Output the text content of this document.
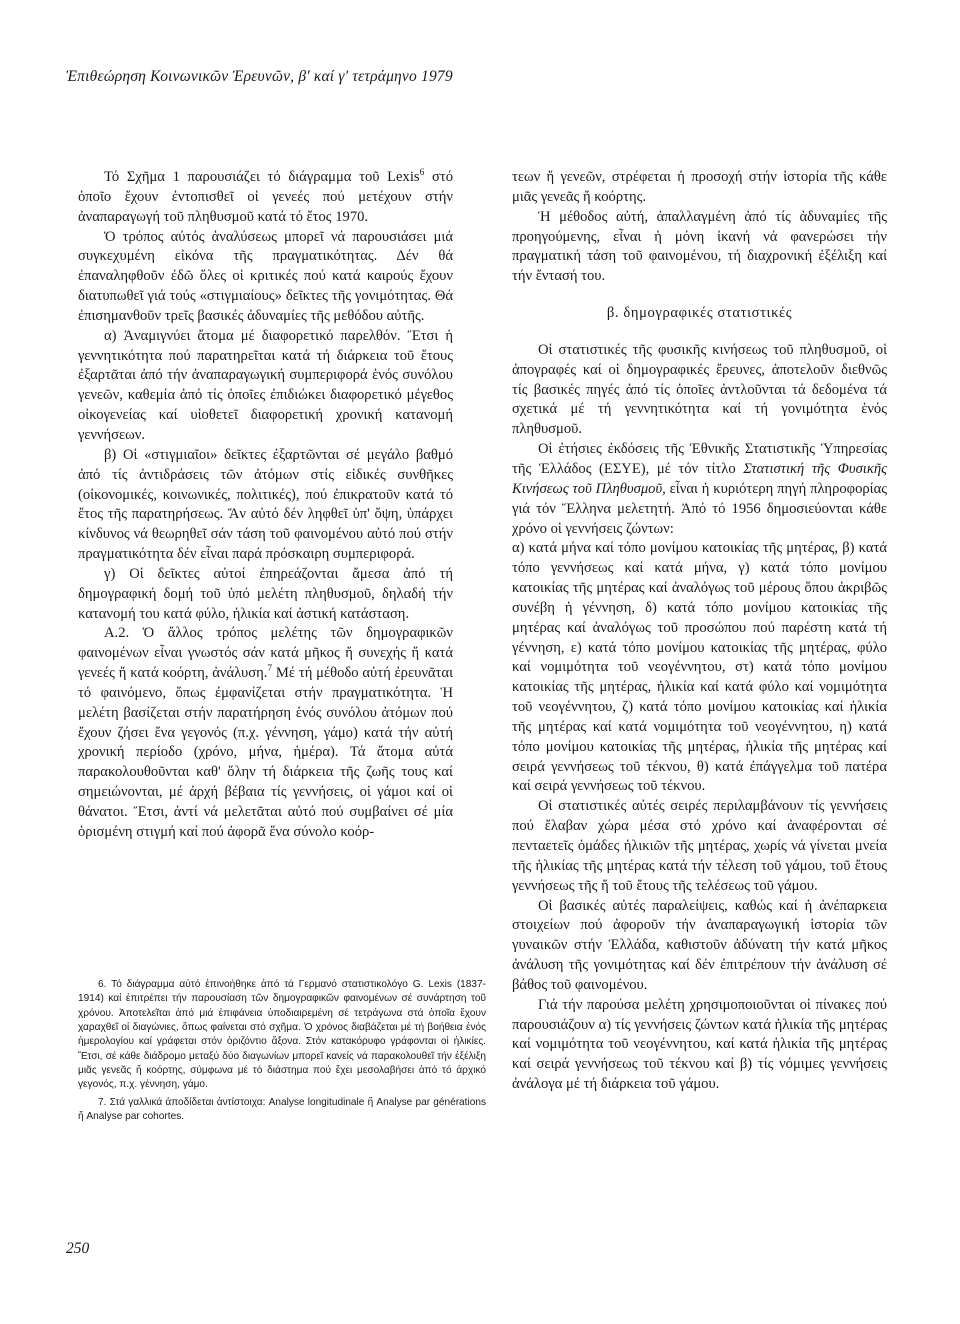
Ἐπιθεώρηση Κοινωνικῶν Ἐρευνῶν, β' καί γ' τετράμηνο 1979

Τό Σχῆμα 1 παρουσιάζει τό διάγραμμα τοῦ Lexis$^6$ στό ὁποῖο ἔχουν ἐντοπισθεῖ οἱ γενεές πού μετέχουν στήν ἀναπαραγωγή τοῦ πληθυσμοῦ κατά τό ἔτος 1970.

Ὁ τρόπος αὐτός ἀναλύσεως μπορεῖ νά παρουσιάσει μιά συγκεχυμένη εἰκόνα τῆς πραγματικότητας. Δέν θά ἐπαναληφθοῦν ἐδῶ ὅλες οἱ κριτικές πού κατά καιρούς ἔχουν διατυπωθεῖ γιά τούς «στιγμιαίους» δεῖκτες τῆς γονιμότητας. Θά ἐπισημανθοῦν τρεῖς βασικές ἀδυναμίες τῆς μεθόδου αὐτῆς.

α) Ἀναμιγνύει ἄτομα μέ διαφορετικό παρελθόν. Ἔτσι ἡ γεννητικότητα πού παρατηρεῖται κατά τή διάρκεια τοῦ ἔτους ἐξαρτᾶται ἀπό τήν ἀναπαραγωγική συμπεριφορά ἑνός συνόλου γενεῶν, καθεμία ἀπό τίς ὁποῖες ἐπιδιώκει διαφορετικό μέγεθος οἰκογενείας καί υἱοθετεῖ διαφορετική χρονική κατανομή γεννήσεων.

β) Οἱ «στιγμιαῖοι» δεῖκτες ἐξαρτῶνται σέ μεγάλο βαθμό ἀπό τίς ἀντιδράσεις τῶν ἀτόμων στίς εἰδικές συνθῆκες (οἰκονομικές, κοινωνικές, πολιτικές), πού ἐπικρατοῦν κατά τό ἔτος τῆς παρατηρήσεως. Ἄν αὐτό δέν ληφθεῖ ὑπ' ὄψη, ὑπάρχει κίνδυνος νά θεωρηθεῖ σάν τάση τοῦ φαινομένου αὐτό πού στήν πραγματικότητα δέν εἶναι παρά πρόσκαιρη συμπεριφορά.

γ) Οἱ δεῖκτες αὐτοί ἐπηρεάζονται ἄμεσα ἀπό τή δημογραφική δομή τοῦ ὑπό μελέτη πληθυσμοῦ, δηλαδή τήν κατανομή του κατά φύλο, ἡλικία καί ἀστική κατάσταση.

Α.2. Ὁ ἄλλος τρόπος μελέτης τῶν δημογραφικῶν φαινομένων εἶναι γνωστός σάν κατά μῆκος ἤ συνεχής ἤ κατά γενεές ἤ κατά κοόρτη, ἀνάλυση.$^7$ Μέ τή μέθοδο αὐτή ἐρευνᾶται τό φαινόμενο, ὅπως ἐμφανίζεται στήν πραγματικότητα. Ἡ μελέτη βασίζεται στήν παρατήρηση ἑνός συνόλου ἀτόμων πού ἔχουν ζήσει ἕνα γεγονός (π.χ. γέννηση, γάμο) κατά τήν αὐτή χρονική περίοδο (χρόνο, μήνα, ἡμέρα). Τά ἄτομα αὐτά παρακολουθοῦνται καθ' ὅλην τή διάρκεια τῆς ζωῆς τους καί σημειώνονται, μέ ἀρχή βέβαια τίς γεννήσεις, οἱ γάμοι καί οἱ θάνατοι. Ἔτσι, ἀντί νά μελετᾶται αὐτό πού συμβαίνει σέ μία ὁρισμένη στιγμή καί πού ἀφορᾶ ἕνα σύνολο κοόρ-

τεων ἤ γενεῶν, στρέφεται ἡ προσοχή στήν ἱστορία τῆς κάθε μιᾶς γενεᾶς ἤ κοόρτης.

Ἡ μέθοδος αὐτή, ἀπαλλαγμένη ἀπό τίς ἀδυναμίες τῆς προηγούμενης, εἶναι ἡ μόνη ἱκανή νά φανερώσει τήν πραγματική τάση τοῦ φαινομένου, τή διαχρονική ἐξέλιξη καί τήν ἔντασή του.

β. δημογραφικές στατιστικές

Οἱ στατιστικές τῆς φυσικῆς κινήσεως τοῦ πληθυσμοῦ, οἱ ἀπογραφές καί οἱ δημογραφικές ἔρευνες, ἀποτελοῦν διεθνῶς τίς βασικές πηγές ἀπό τίς ὁποῖες ἀντλοῦνται τά δεδομένα τά σχετικά μέ τή γεννητικότητα καί τή γονιμότητα ἑνός πληθυσμοῦ.

Οἱ ἐτήσιες ἐκδόσεις τῆς Ἐθνικῆς Στατιστικῆς Ὑπηρεσίας τῆς Ἑλλάδος (ΕΣΥΕ), μέ τόν τίτλο Στατιστική τῆς Φυσικῆς Κινήσεως τοῦ Πληθυσμοῦ, εἶναι ἡ κυριότερη πηγή πληροφορίας γιά τόν Ἕλληνα μελετητή. Ἀπό τό 1956 δημοσιεύονται κάθε χρόνο οἱ γεννήσεις ζώντων:

α) κατά μήνα καί τόπο μονίμου κατοικίας τῆς μητέρας, β) κατά τόπο γεννήσεως καί κατά μήνα, γ) κατά τόπο μονίμου κατοικίας τῆς μητέρας καί ἀναλόγως τοῦ μέρους ὅπου ἀκριβῶς συνέβη ἡ γέννηση, δ) κατά τόπο μονίμου κατοικίας τῆς μητέρας καί ἀναλόγως τοῦ προσώπου πού παρέστη κατά τή γέννηση, ε) κατά τόπο μονίμου κατοικίας τῆς μητέρας, φύλο καί νομιμότητα τοῦ νεογέννητου, στ) κατά τόπο μονίμου κατοικίας τῆς μητέρας, ἡλικία καί κατά φύλο καί νομιμότητα τοῦ νεογέννητου, ζ) κατά τόπο μονίμου κατοικίας καί ἡλικία τῆς μητέρας καί κατά νομιμότητα τοῦ νεογέννητου, η) κατά τόπο μονίμου κατοικίας τῆς μητέρας, ἡλικία τῆς μητέρας καί σειρά γεννήσεως τοῦ τέκνου, θ) κατά ἐπάγγελμα τοῦ πατέρα καί σειρά γεννήσεως τοῦ τέκνου.

Οἱ στατιστικές αὐτές σειρές περιλαμβάνουν τίς γεννήσεις πού ἔλαβαν χώρα μέσα στό χρόνο καί ἀναφέρονται σέ πενταετεῖς ὁμάδες ἡλικιῶν τῆς μητέρας, χωρίς νά γίνεται μνεία τῆς ἡλικίας τῆς μητέρας κατά τήν τέλεση τοῦ γάμου, τοῦ ἔτους γεννήσεως τῆς ἤ τοῦ ἔτους τῆς τελέσεως τοῦ γάμου.

Οἱ βασικές αὐτές παραλείψεις, καθώς καί ἡ ἀνέπαρκεια στοιχείων πού ἀφοροῦν τήν ἀναπαραγωγική ἱστορία τῶν γυναικῶν στήν Ἑλλάδα, καθιστοῦν ἀδύνατη τήν κατά μῆκος ἀνάλυση τῆς γονιμότητας καί δέν ἐπιτρέπουν τήν ἀνάλυση σέ βάθος τοῦ φαινομένου.

Γιά τήν παρούσα μελέτη χρησιμοποιοῦνται οἱ πίνακες πού παρουσιάζουν α) τίς γεννήσεις ζώντων κατά ἡλικία τῆς μητέρας καί νομιμότητα τοῦ νεογέννητου, καί κατά ἡλικία τῆς μητέρας καί σειρά γεννήσεως τοῦ τέκνου καί β) τίς νόμιμες γεννήσεις ἀνάλογα μέ τή διάρκεια τοῦ γάμου.

6. Τό διάγραμμα αὐτό ἐπινοήθηκε ἀπό τά Γερμανό στατιστικολόγο G. Lexis (1837-1914) καί ἐπιτρέπει τήν παρουσίαση τῶν δημογραφικῶν φαινομένων σέ συνάρτηση τοῦ χρόνου. Ἀποτελεῖται ἀπό μιά ἐπιφάνεια ὑποδιαιρεμένη σέ τετράγωνα στά ὁποῖα ἔχουν χαραχθεῖ οἱ διαγώνιες, ὅπως φαίνεται στό σχῆμα. Ὁ χρόνος διαβάζεται μέ τή βοήθεια ἑνός ἡμερολογίου καί γράφεται στόν ὁριζόντιο ἄξονα. Στόν κατακόρυφο γράφονται οἱ ἡλικίες. Ἔτσι, σέ κάθε διάδρομο μεταξύ δύο διαγωνίων μπορεῖ κανείς νά παρακολουθεῖ τήν ἐξέλιξη μιᾶς γενεᾶς ἤ κοόρτης, σύμφωνα μέ τό διάστημα πού ἔχει μεσολαβήσει ἀπό τό ἀρχικό γεγονός, π.χ. γέννηση, γάμο.

7. Στά γαλλικά ἀποδίδεται ἀντίστοιχα: Analyse longitudinale ἤ Analyse par générations ἤ Analyse par cohortes.

250
